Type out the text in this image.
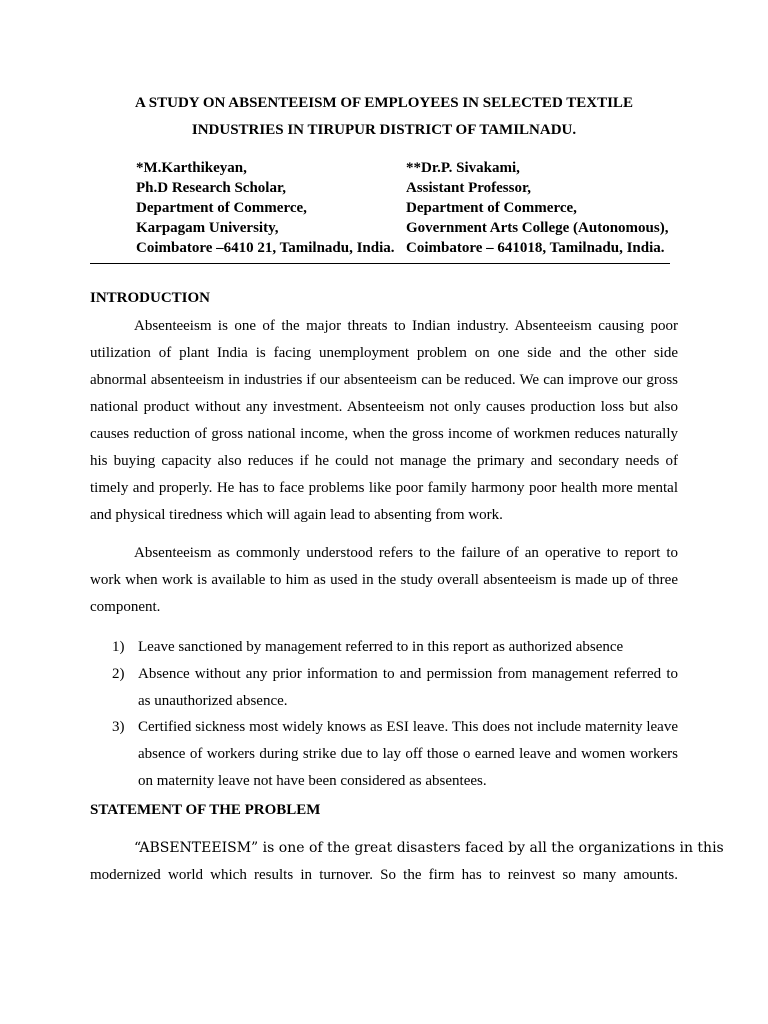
A STUDY ON ABSENTEEISM OF EMPLOYEES IN SELECTED TEXTILE
INDUSTRIES IN TIRUPUR DISTRICT OF TAMILNADU.
*M.Karthikeyan,
Ph.D Research Scholar,
Department of Commerce,
Karpagam University,
Coimbatore –6410 21, Tamilnadu, India.
**Dr.P. Sivakami,
Assistant Professor,
Department of Commerce,
Government Arts College (Autonomous),
Coimbatore – 641018, Tamilnadu, India.
INTRODUCTION
Absenteeism is one of the major threats to Indian industry. Absenteeism causing poor
utilization of plant India is facing unemployment problem on one side and the other side
abnormal absenteeism in industries if our absenteeism can be reduced. We can improve our gross
national product without any investment. Absenteeism not only causes production loss but also
causes reduction of gross national income, when the gross income of workmen reduces naturally
his buying capacity also reduces if he could not manage the primary and secondary needs of
timely and properly. He has to face problems like poor family harmony poor health more mental
and physical tiredness which will again lead to absenting from work.
Absenteeism as commonly understood refers to the failure of an operative to report to
work when work is available to him as used in the study overall absenteeism is made up of three
component.
1) Leave sanctioned by management referred to in this report as authorized absence
2) Absence without any prior information to and permission from management referred to
as unauthorized absence.
3) Certified sickness most widely knows as ESI leave. This does not include maternity leave
absence of workers during strike due to lay off those o earned leave and women workers
on maternity leave not have been considered as absentees.
STATEMENT OF THE PROBLEM
“ABSENTEEISM” is one of the great disasters faced by all the organizations in this
modernized world which results in turnover. So the firm has to reinvest so many amounts.
